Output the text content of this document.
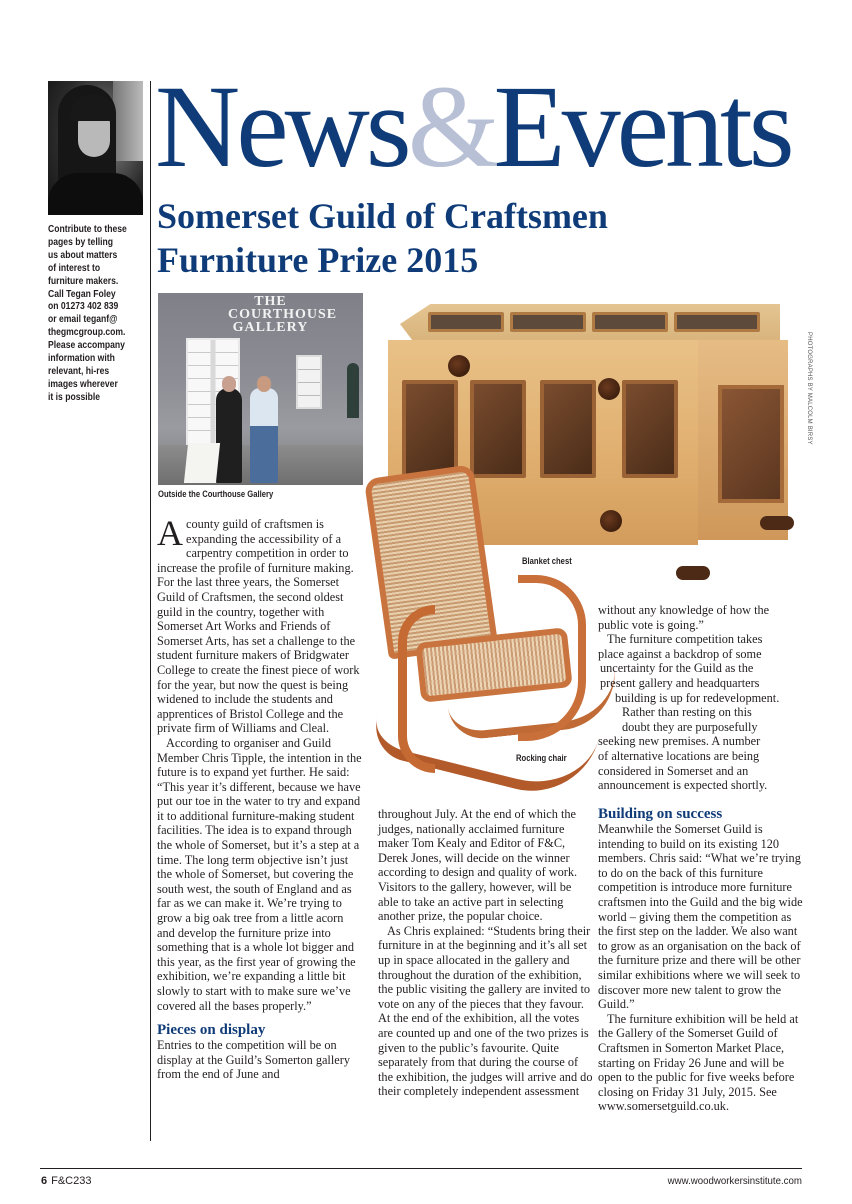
Contribute to these
pages by telling
us about matters
of interest to
furniture makers.
Call Tegan Foley
on 01273 402 839
or email teganf@
thegmcgroup.com.
Please accompany
information with
relevant, hi-res
images wherever
it is possible
News&Events
Somerset Guild of Craftsmen
Furniture Prize 2015
THE COURTHOUSE GALLERY
Outside the Courthouse Gallery
Blanket chest
Rocking chair
PHOTOGRAPHS BY MALCOLM BIRSY

Acounty guild of craftsmen is expanding the accessibility of a carpentry competition in order to increase the profile of furniture making. For the last three years, the Somerset Guild of Craftsmen, the second oldest guild in the country, together with Somerset Art Works and Friends of Somerset Arts, has set a challenge to the student furniture makers of Bridgwater College to create the finest piece of work for the year, but now the quest is being widened to include the students and apprentices of Bristol College and the private firm of Williams and Cleal.

According to organiser and Guild Member Chris Tipple, the intention in the future is to expand yet further. He said: “This year it’s different, because we have put our toe in the water to try and expand it to additional furniture-making student facilities. The idea is to expand through the whole of Somerset, but it’s a step at a time. The long term objective isn’t just the whole of Somerset, but covering the south west, the south of England and as far as we can make it. We’re trying to grow a big oak tree from a little acorn and develop the furniture prize into something that is a whole lot bigger and this year, as the first year of growing the exhibition, we’re expanding a little bit slowly to start with to make sure we’ve covered all the bases properly.”

Pieces on display

Entries to the competition will be on display at the Guild’s Somerton gallery from the end of June and

throughout July. At the end of which the judges, nationally acclaimed furniture maker Tom Kealy and Editor of F&C, Derek Jones, will decide on the winner according to design and quality of work. Visitors to the gallery, however, will be able to take an active part in selecting another prize, the popular choice.

As Chris explained: “Students bring their furniture in at the beginning and it’s all set up in space allocated in the gallery and throughout the duration of the exhibition, the public visiting the gallery are invited to vote on any of the pieces that they favour. At the end of the exhibition, all the votes are counted up and one of the two prizes is given to the public’s favourite. Quite separately from that during the course of the exhibition, the judges will arrive and do their completely independent assessment

without any knowledge of how the
public vote is going.”
The furniture competition takes
place against a backdrop of some
uncertainty for the Guild as the
present gallery and headquarters
building is up for redevelopment.
Rather than resting on this
doubt they are purposefully
seeking new premises. A number
of alternative locations are being
considered in Somerset and an
announcement is expected shortly.
Building on success

Meanwhile the Somerset Guild is intending to build on its existing 120 members. Chris said: “What we’re trying to do on the back of this furniture competition is introduce more furniture craftsmen into the Guild and the big wide world – giving them the competition as the first step on the ladder. We also want to grow as an organisation on the back of the furniture prize and there will be other similar exhibitions where we will seek to discover more new talent to grow the Guild.”

The furniture exhibition will be held at the Gallery of the Somerset Guild of Craftsmen in Somerton Market Place, starting on Friday 26 June and will be open to the public for five weeks before closing on Friday 31 July, 2015. See www.somersetguild.co.uk.

6 F&C233	www.woodworkersinstitute.com
